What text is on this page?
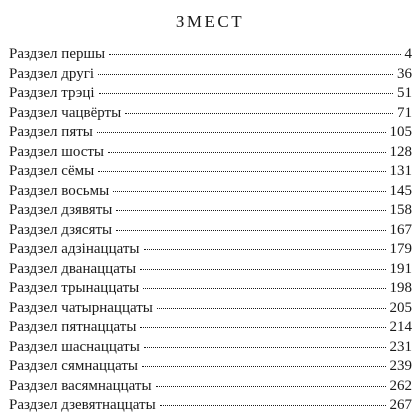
ЗМЕСТ
Раздзел першы	4
Раздзел другі	36
Раздзел трэці	51
Раздзел чацвёрты	71
Раздзел пяты	105
Раздзел шосты	128
Раздзел сёмы	131
Раздзел восьмы	145
Раздзел дзявяты	158
Раздзел дзясяты	167
Раздзел адзінаццаты	179
Раздзел дванаццаты	191
Раздзел трынаццаты	198
Раздзел чатырнаццаты	205
Раздзел пятнаццаты	214
Раздзел шаснаццаты	231
Раздзел сямнаццаты	239
Раздзел васямнаццаты	262
Раздзел дзевятнаццаты	267
